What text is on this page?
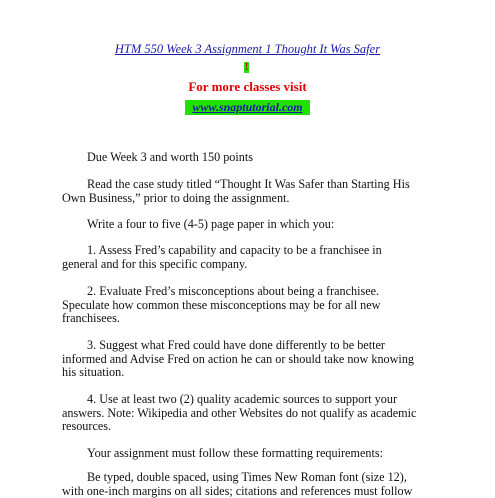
HTM 550 Week 3 Assignment 1 Thought It Was Safer
!
For more classes visit
www.snaptutorial.com

Due Week 3 and worth 150 points

Read the case study titled “Thought It Was Safer than Starting His
Own Business,” prior to doing the assignment.

Write a four to five (4-5) page paper in which you:

1. Assess Fred’s capability and capacity to be a franchisee in
general and for this specific company.

2. Evaluate Fred’s misconceptions about being a franchisee.
Speculate how common these misconceptions may be for all new
franchisees.

3. Suggest what Fred could have done differently to be better
informed and Advise Fred on action he can or should take now knowing
his situation.

4. Use at least two (2) quality academic sources to support your
answers. Note: Wikipedia and other Websites do not qualify as academic
resources.

Your assignment must follow these formatting requirements:

Be typed, double spaced, using Times New Roman font (size 12),
with one-inch margins on all sides; citations and references must follow
